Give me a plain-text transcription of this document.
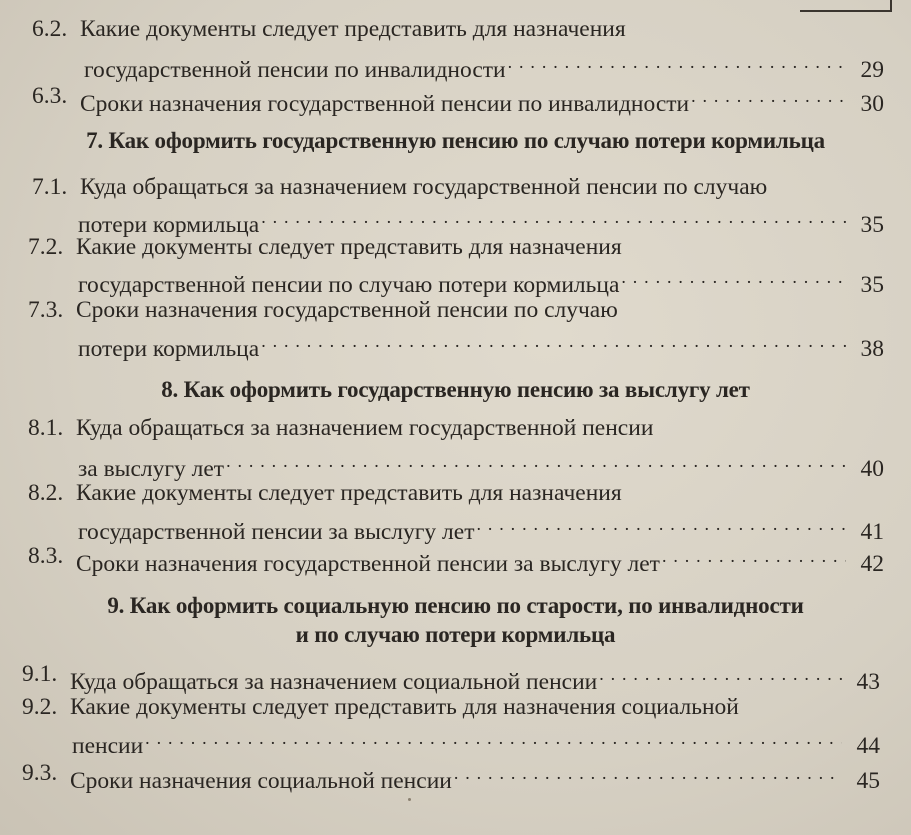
6.2. Какие документы следует представить для назначения
государственной пенсии по инвалидности . . .	29
6.3. Сроки назначения государственной пенсии по инвалидности . . .	30
7. Как оформить государственную пенсию по случаю потери кормильца
7.1. Куда обращаться за назначением государственной пенсии по случаю
потери кормильца . . .	35
7.2. Какие документы следует представить для назначения
государственной пенсии по случаю потери кормильца . . .	35
7.3. Сроки назначения государственной пенсии по случаю
потери кормильца . . .	38
8. Как оформить государственную пенсию за выслугу лет
8.1. Куда обращаться за назначением государственной пенсии
за выслугу лет . . .	40
8.2. Какие документы следует представить для назначения
государственной пенсии за выслугу лет . . .	41
8.3. Сроки назначения государственной пенсии за выслугу лет . . .	42
9. Как оформить социальную пенсию по старости, по инвалидности
и по случаю потери кормильца
9.1. Куда обращаться за назначением социальной пенсии . . .	43
9.2. Какие документы следует представить для назначения социальной
пенсии . . .	44
9.3. Сроки назначения социальной пенсии . . .	45
